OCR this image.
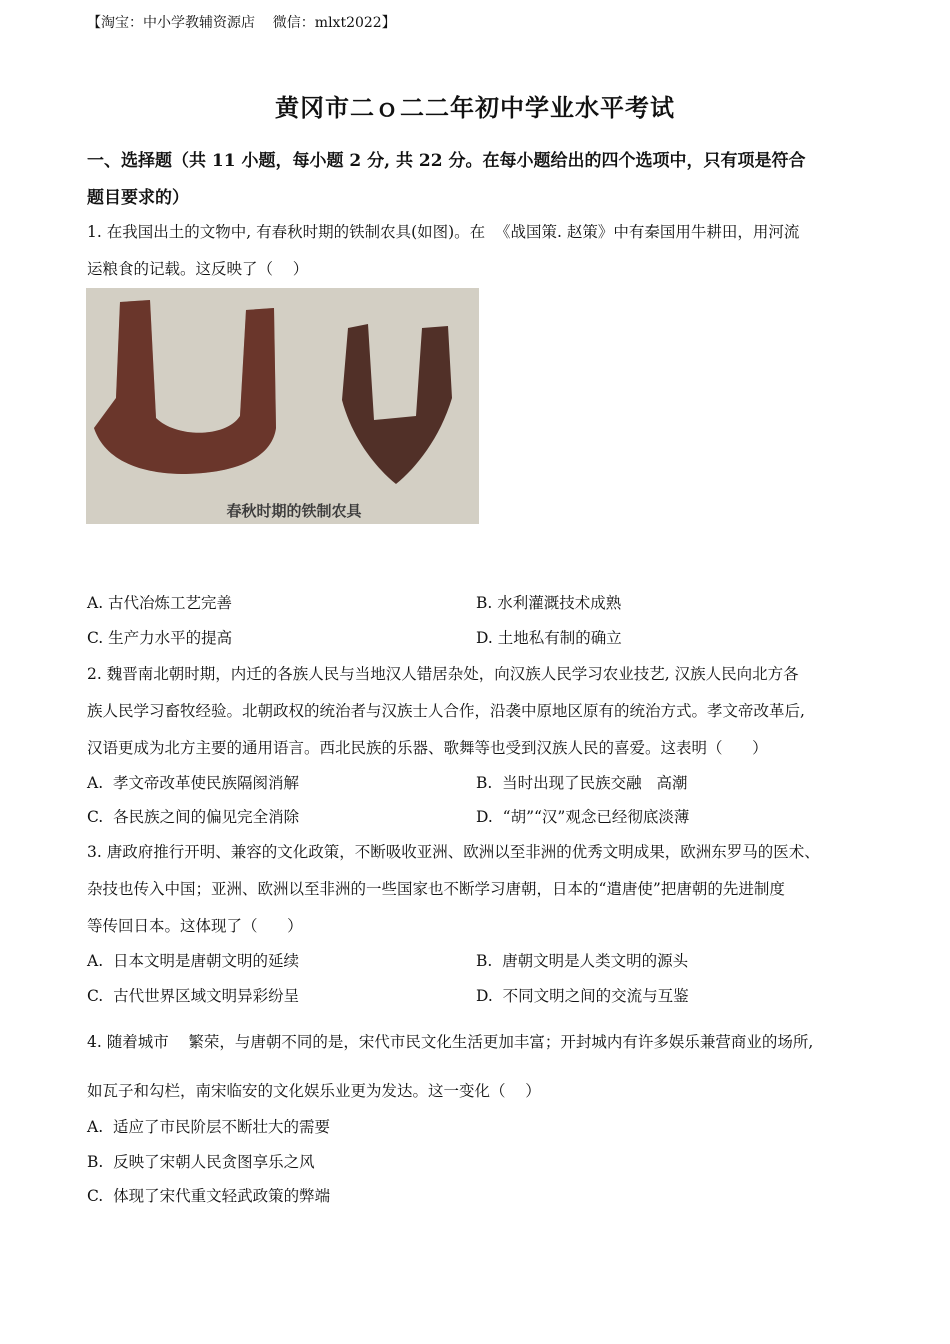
【淘宝：中小学教辅资源店    微信：mlxt2022】
黄冈市二ｏ二二年初中学业水平考试
一、选择题（共 11 小题，每小题 2 分, 共 22 分。在每小题给出的四个选项中，只有项是符合
题目要求的）
1. 在我国出土的文物中, 有春秋时期的铁制农具(如图)。在  《战国策. 赵策》中有秦国用牛耕田，用河流
运粮食的记载。这反映了（    ）
春秋时期的铁制农具
A. 古代冶炼工艺完善	B. 水利灌溉技术成熟
C. 生产力水平的提高	D. 土地私有制的确立
2. 魏晋南北朝时期，内迁的各族人民与当地汉人错居杂处，向汉族人民学习农业技艺, 汉族人民向北方各
族人民学习畜牧经验。北朝政权的统治者与汉族士人合作，沿袭中原地区原有的统治方式。孝文帝改革后,
汉语更成为北方主要的通用语言。西北民族的乐器、歌舞等也受到汉族人民的喜爱。这表明（      ）
A.  孝文帝改革使民族隔阂消解	B.  当时出现了民族交融   高潮
C.  各民族之间的偏见完全消除	D.  “胡”“汉”观念已经彻底淡薄
3. 唐政府推行开明、兼容的文化政策，不断吸收亚洲、欧洲以至非洲的优秀文明成果，欧洲东罗马的医术、
杂技也传入中国；亚洲、欧洲以至非洲的一些国家也不断学习唐朝，日本的“遣唐使”把唐朝的先进制度
等传回日本。这体现了（      ）
A.  日本文明是唐朝文明的延续	B.  唐朝文明是人类文明的源头
C.  古代世界区域文明异彩纷呈	D.  不同文明之间的交流与互鉴
4. 随着城市    繁荣，与唐朝不同的是，宋代市民文化生活更加丰富；开封城内有许多娱乐兼营商业的场所,
如瓦子和勾栏，南宋临安的文化娱乐业更为发达。这一变化（    ）
A.  适应了市民阶层不断壮大的需要
B.  反映了宋朝人民贪图享乐之风
C.  体现了宋代重文轻武政策的弊端
